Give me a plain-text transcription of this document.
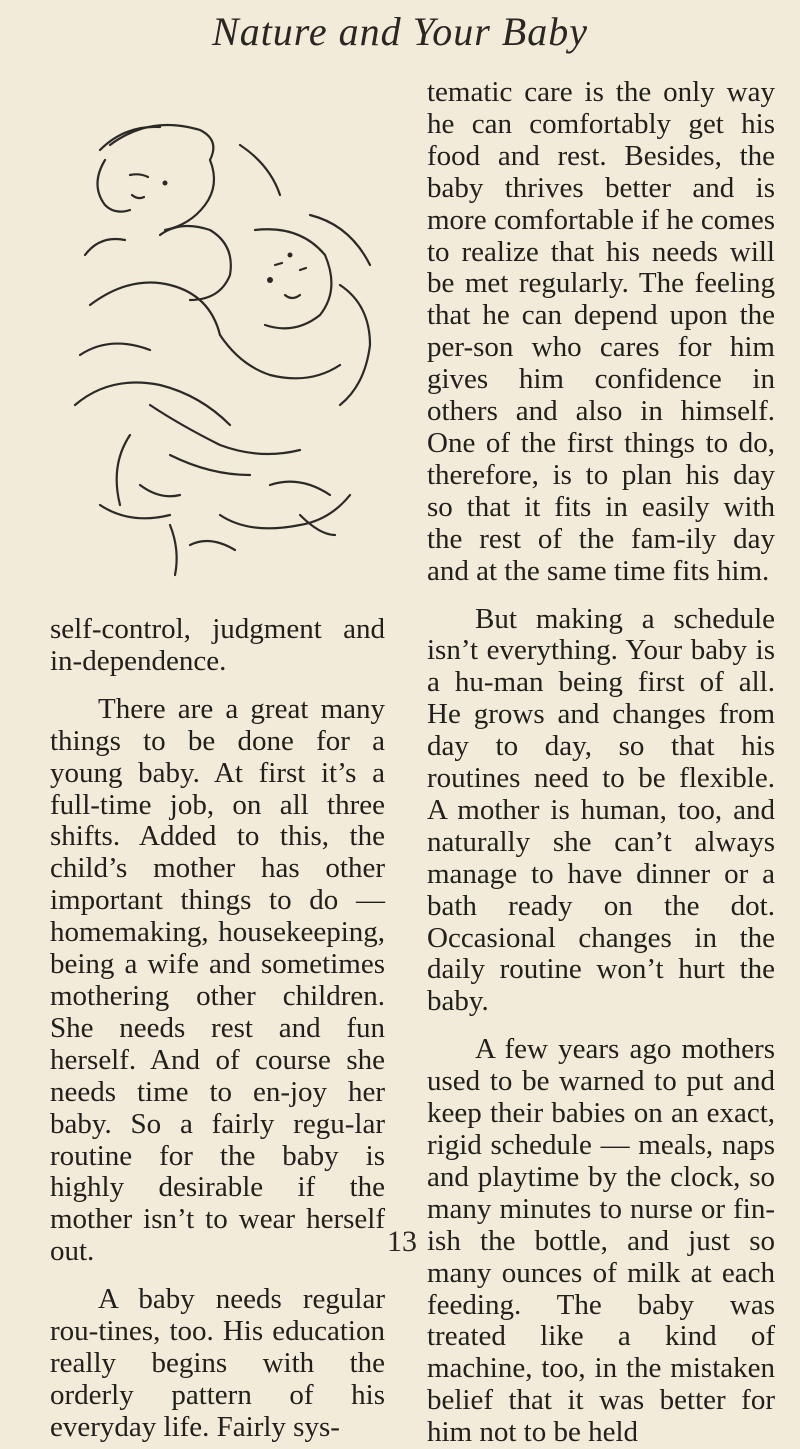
Nature and Your Baby

self-control, judgment and in-dependence.

There are a great many things to be done for a young baby. At first it’s a full-time job, on all three shifts. Added to this, the child’s mother has other important things to do —homemaking, housekeeping, being a wife and sometimes mothering other children. She needs rest and fun herself. And of course she needs time to en-joy her baby. So a fairly regu-lar routine for the baby is highly desirable if the mother isn’t to wear herself out.

A baby needs regular rou-tines, too. His education really begins with the orderly pattern of his everyday life. Fairly sys-

tematic care is the only way he can comfortably get his food and rest. Besides, the baby thrives better and is more comfortable if he comes to realize that his needs will be met regularly. The feeling that he can depend upon the per-son who cares for him gives him confidence in others and also in himself. One of the first things to do, therefore, is to plan his day so that it fits in easily with the rest of the fam-ily day and at the same time fits him.

But making a schedule isn’t everything. Your baby is a hu-man being first of all. He grows and changes from day to day, so that his routines need to be flexible. A mother is human, too, and naturally she can’t always manage to have dinner or a bath ready on the dot. Occasional changes in the daily routine won’t hurt the baby.

A few years ago mothers used to be warned to put and keep their babies on an exact, rigid schedule — meals, naps and playtime by the clock, so many minutes to nurse or fin-ish the bottle, and just so many ounces of milk at each feeding. The baby was treated like a kind of machine, too, in the mistaken belief that it was better for him not to be held

13
